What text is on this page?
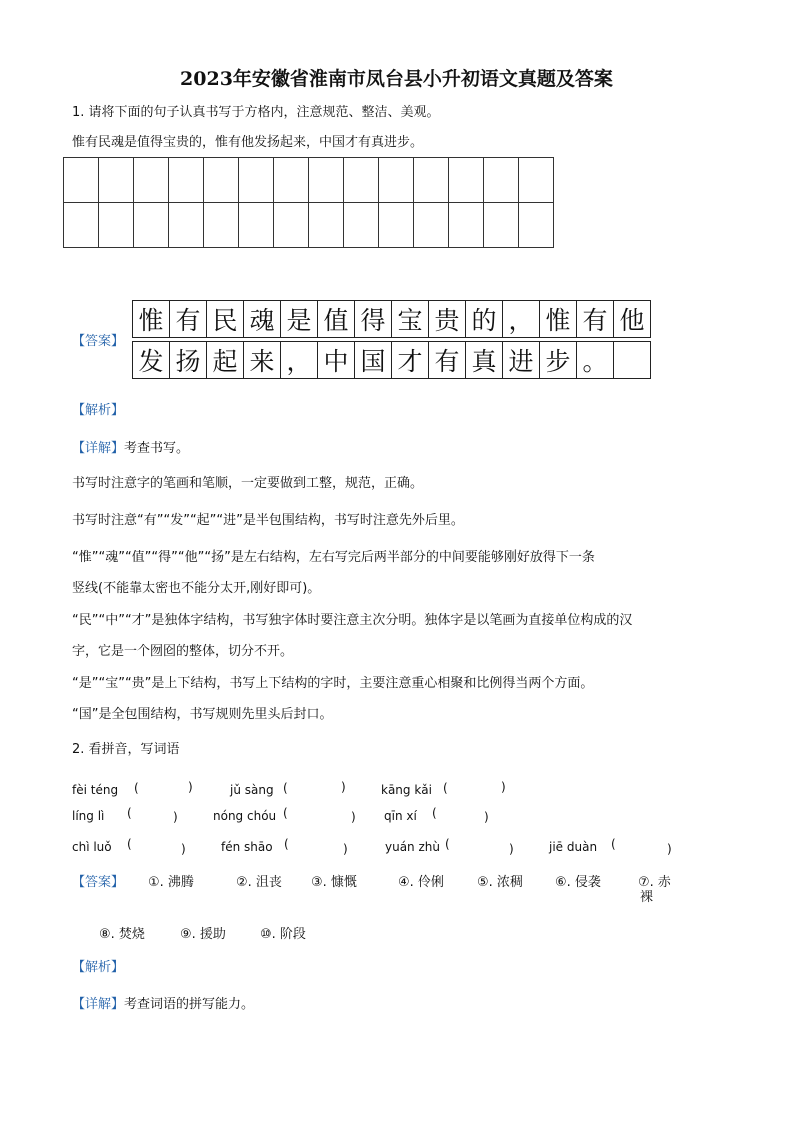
2023年安徽省淮南市凤台县小升初语文真题及答案
1. 请将下面的句子认真书写于方格内，注意规范、整洁、美观。
惟有民魂是值得宝贵的，惟有他发扬起来，中国才有真进步。

【答案】
惟	有	民	魂	是	值	得	宝	贵	的	，	惟	有	他
发	扬	起	来	，	中	国	才	有	真	进	步	。	
【解析】
【详解】考查书写。
书写时注意字的笔画和笔顺，一定要做到工整，规范，正确。
书写时注意“有”“发”“起”“进”是半包围结构，书写时注意先外后里。
“惟”“魂”“值”“得”“他”“扬”是左右结构，左右写完后两半部分的中间要能够刚好放得下一条
竖线(不能靠太密也不能分太开,刚好即可)。
“民”“中”“才”是独体字结构，书写独字体时要注意主次分明。独体字是以笔画为直接单位构成的汉
字，它是一个囫囵的整体，切分不开。
“是”“宝”“贵”是上下结构，书写上下结构的字时，主要注意重心相聚和比例得当两个方面。
“国”是全包围结构，书写规则先里头后封口。
2. 看拼音，写词语
fèi téng (	)	jǔ sàng (	)	kāng kǎi (	)
líng lì (	)	nóng chóu (	) qīn xí (	)
chì luǒ (	)	fén shāo (	)	yuán zhù (	)	jiē duàn (	)
【答案】 ①. 沸腾	②. 沮丧 ③. 慷慨	④. 伶俐	⑤. 浓稠 ⑥. 侵袭	⑦. 赤
裸
⑧. 焚烧	⑨. 援助	⑩. 阶段
【解析】
【详解】考查词语的拼写能力。
